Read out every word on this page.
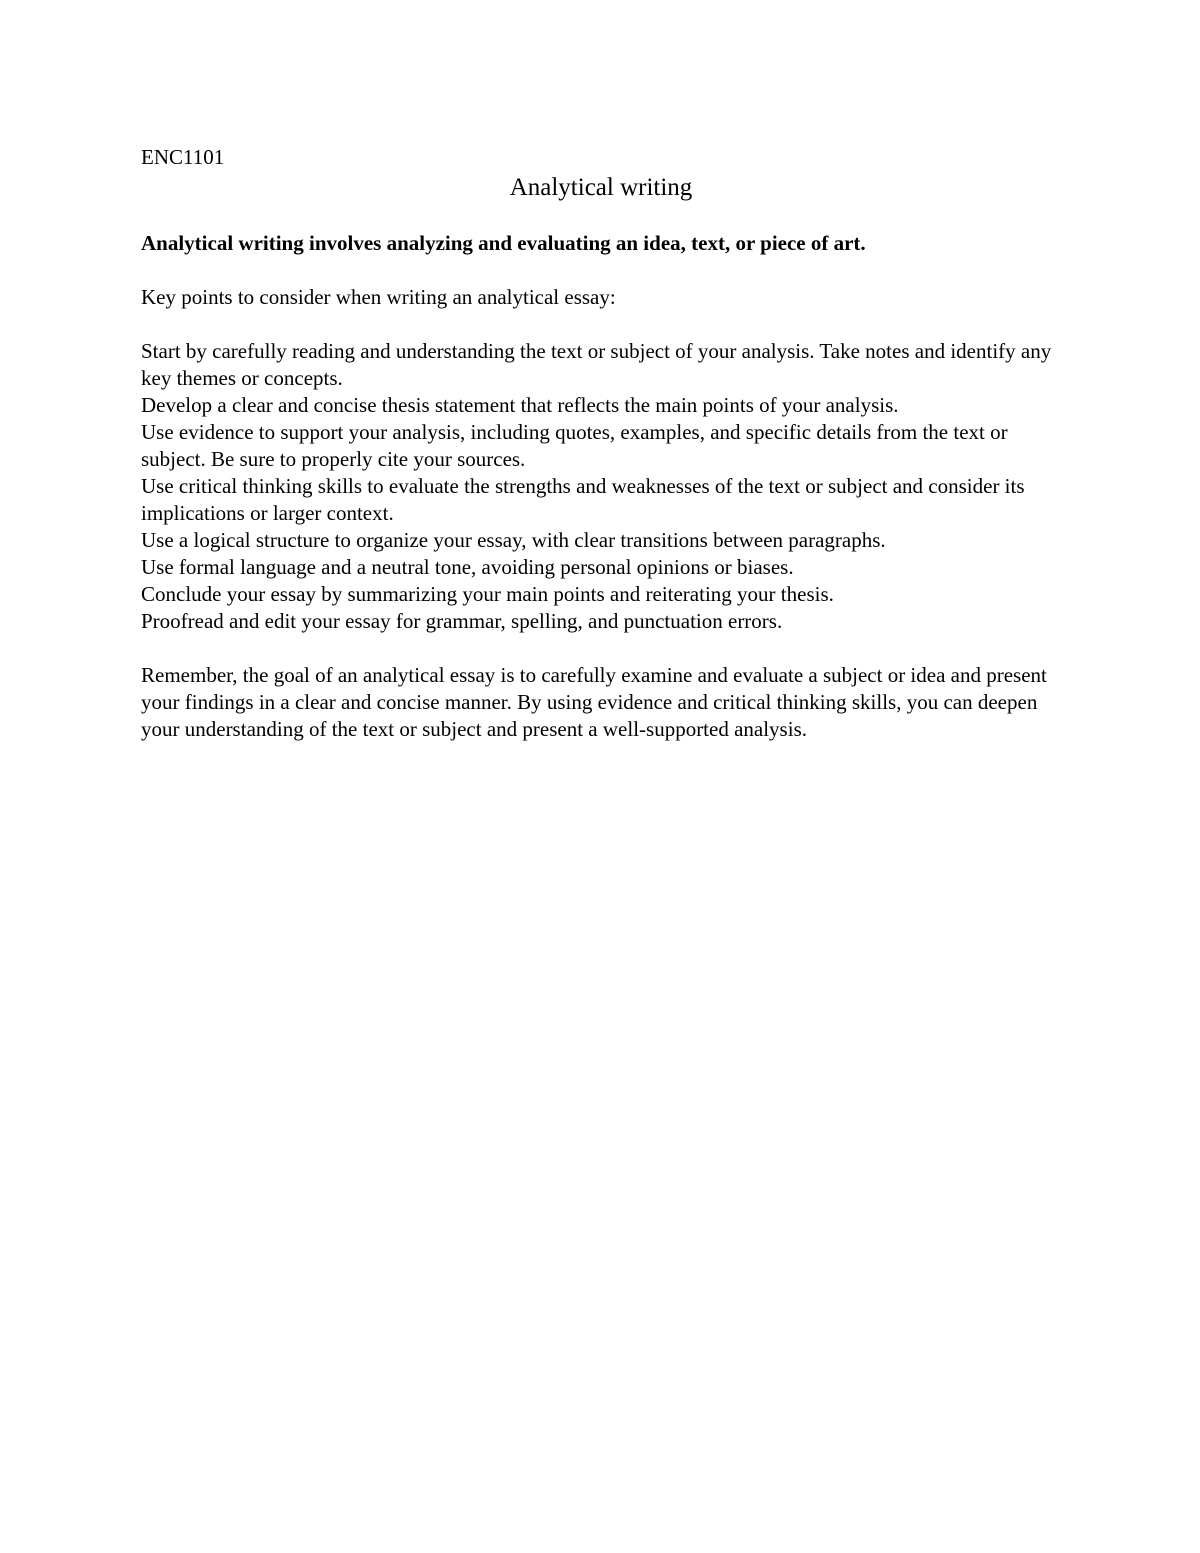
ENC1101

Analytical writing

Analytical writing involves analyzing and evaluating an idea, text, or piece of art.

Key points to consider when writing an analytical essay:

Start by carefully reading and understanding the text or subject of your analysis. Take notes and identify any key themes or concepts.
Develop a clear and concise thesis statement that reflects the main points of your analysis.
Use evidence to support your analysis, including quotes, examples, and specific details from the text or subject. Be sure to properly cite your sources.
Use critical thinking skills to evaluate the strengths and weaknesses of the text or subject and consider its implications or larger context.
Use a logical structure to organize your essay, with clear transitions between paragraphs.
Use formal language and a neutral tone, avoiding personal opinions or biases.
Conclude your essay by summarizing your main points and reiterating your thesis.
Proofread and edit your essay for grammar, spelling, and punctuation errors.

Remember, the goal of an analytical essay is to carefully examine and evaluate a subject or idea and present your findings in a clear and concise manner. By using evidence and critical thinking skills, you can deepen your understanding of the text or subject and present a well-supported analysis.
